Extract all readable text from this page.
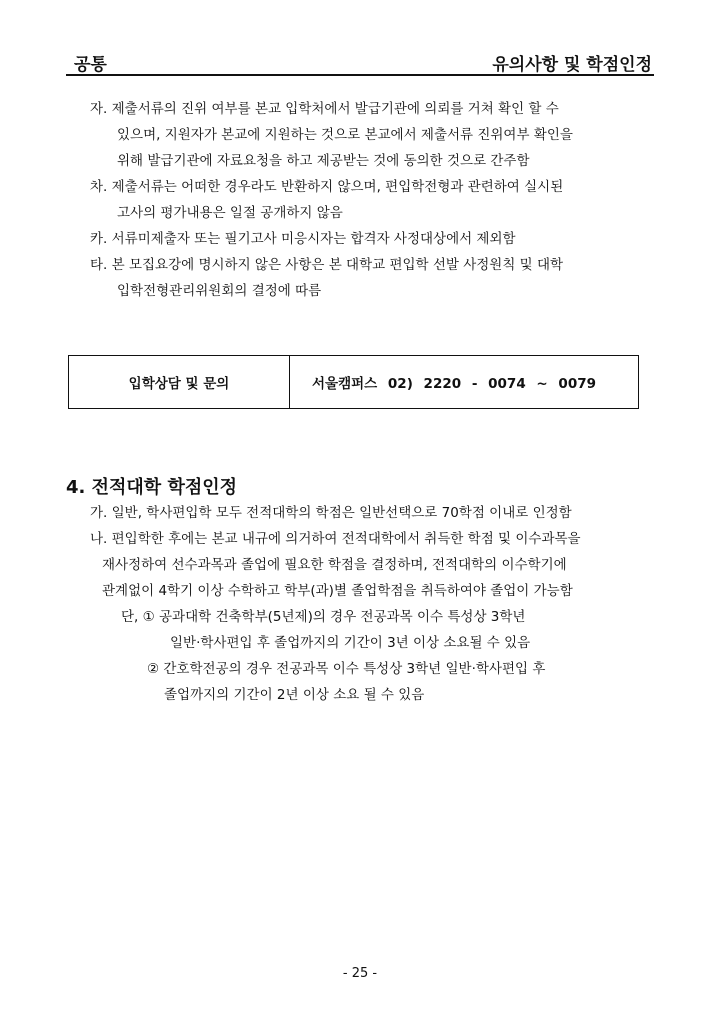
공통	유의사항 및 학점인정
자. 제출서류의 진위 여부를 본교 입학처에서 발급기관에 의뢰를 거쳐 확인 할 수
있으며, 지원자가 본교에 지원하는 것으로 본교에서 제출서류 진위여부 확인을
위해 발급기관에 자료요청을 하고 제공받는 것에 동의한 것으로 간주함
차. 제출서류는 어떠한 경우라도 반환하지 않으며, 편입학전형과 관련하여 실시된
고사의 평가내용은 일절 공개하지 않음
카. 서류미제출자 또는 필기고사 미응시자는 합격자 사정대상에서 제외함
타. 본 모집요강에 명시하지 않은 사항은 본 대학교 편입학 선발 사정원칙 및 대학
입학전형관리위원회의 결정에 따름
입학상담 및 문의	서울캠퍼스 02) 2220 - 0074 ~ 0079
4. 전적대학 학점인정
가. 일반, 학사편입학 모두 전적대학의 학점은 일반선택으로 70학점 이내로 인정함
나. 편입학한 후에는 본교 내규에 의거하여 전적대학에서 취득한 학점 및 이수과목을
재사정하여 선수과목과 졸업에 필요한 학점을 결정하며, 전적대학의 이수학기에
관계없이 4학기 이상 수학하고 학부(과)별 졸업학점을 취득하여야 졸업이 가능함
단, ① 공과대학 건축학부(5년제)의 경우 전공과목 이수 특성상 3학년
일반·학사편입 후 졸업까지의 기간이 3년 이상 소요될 수 있음
② 간호학전공의 경우 전공과목 이수 특성상 3학년 일반·학사편입 후
졸업까지의 기간이 2년 이상 소요 될 수 있음
- 25 -
